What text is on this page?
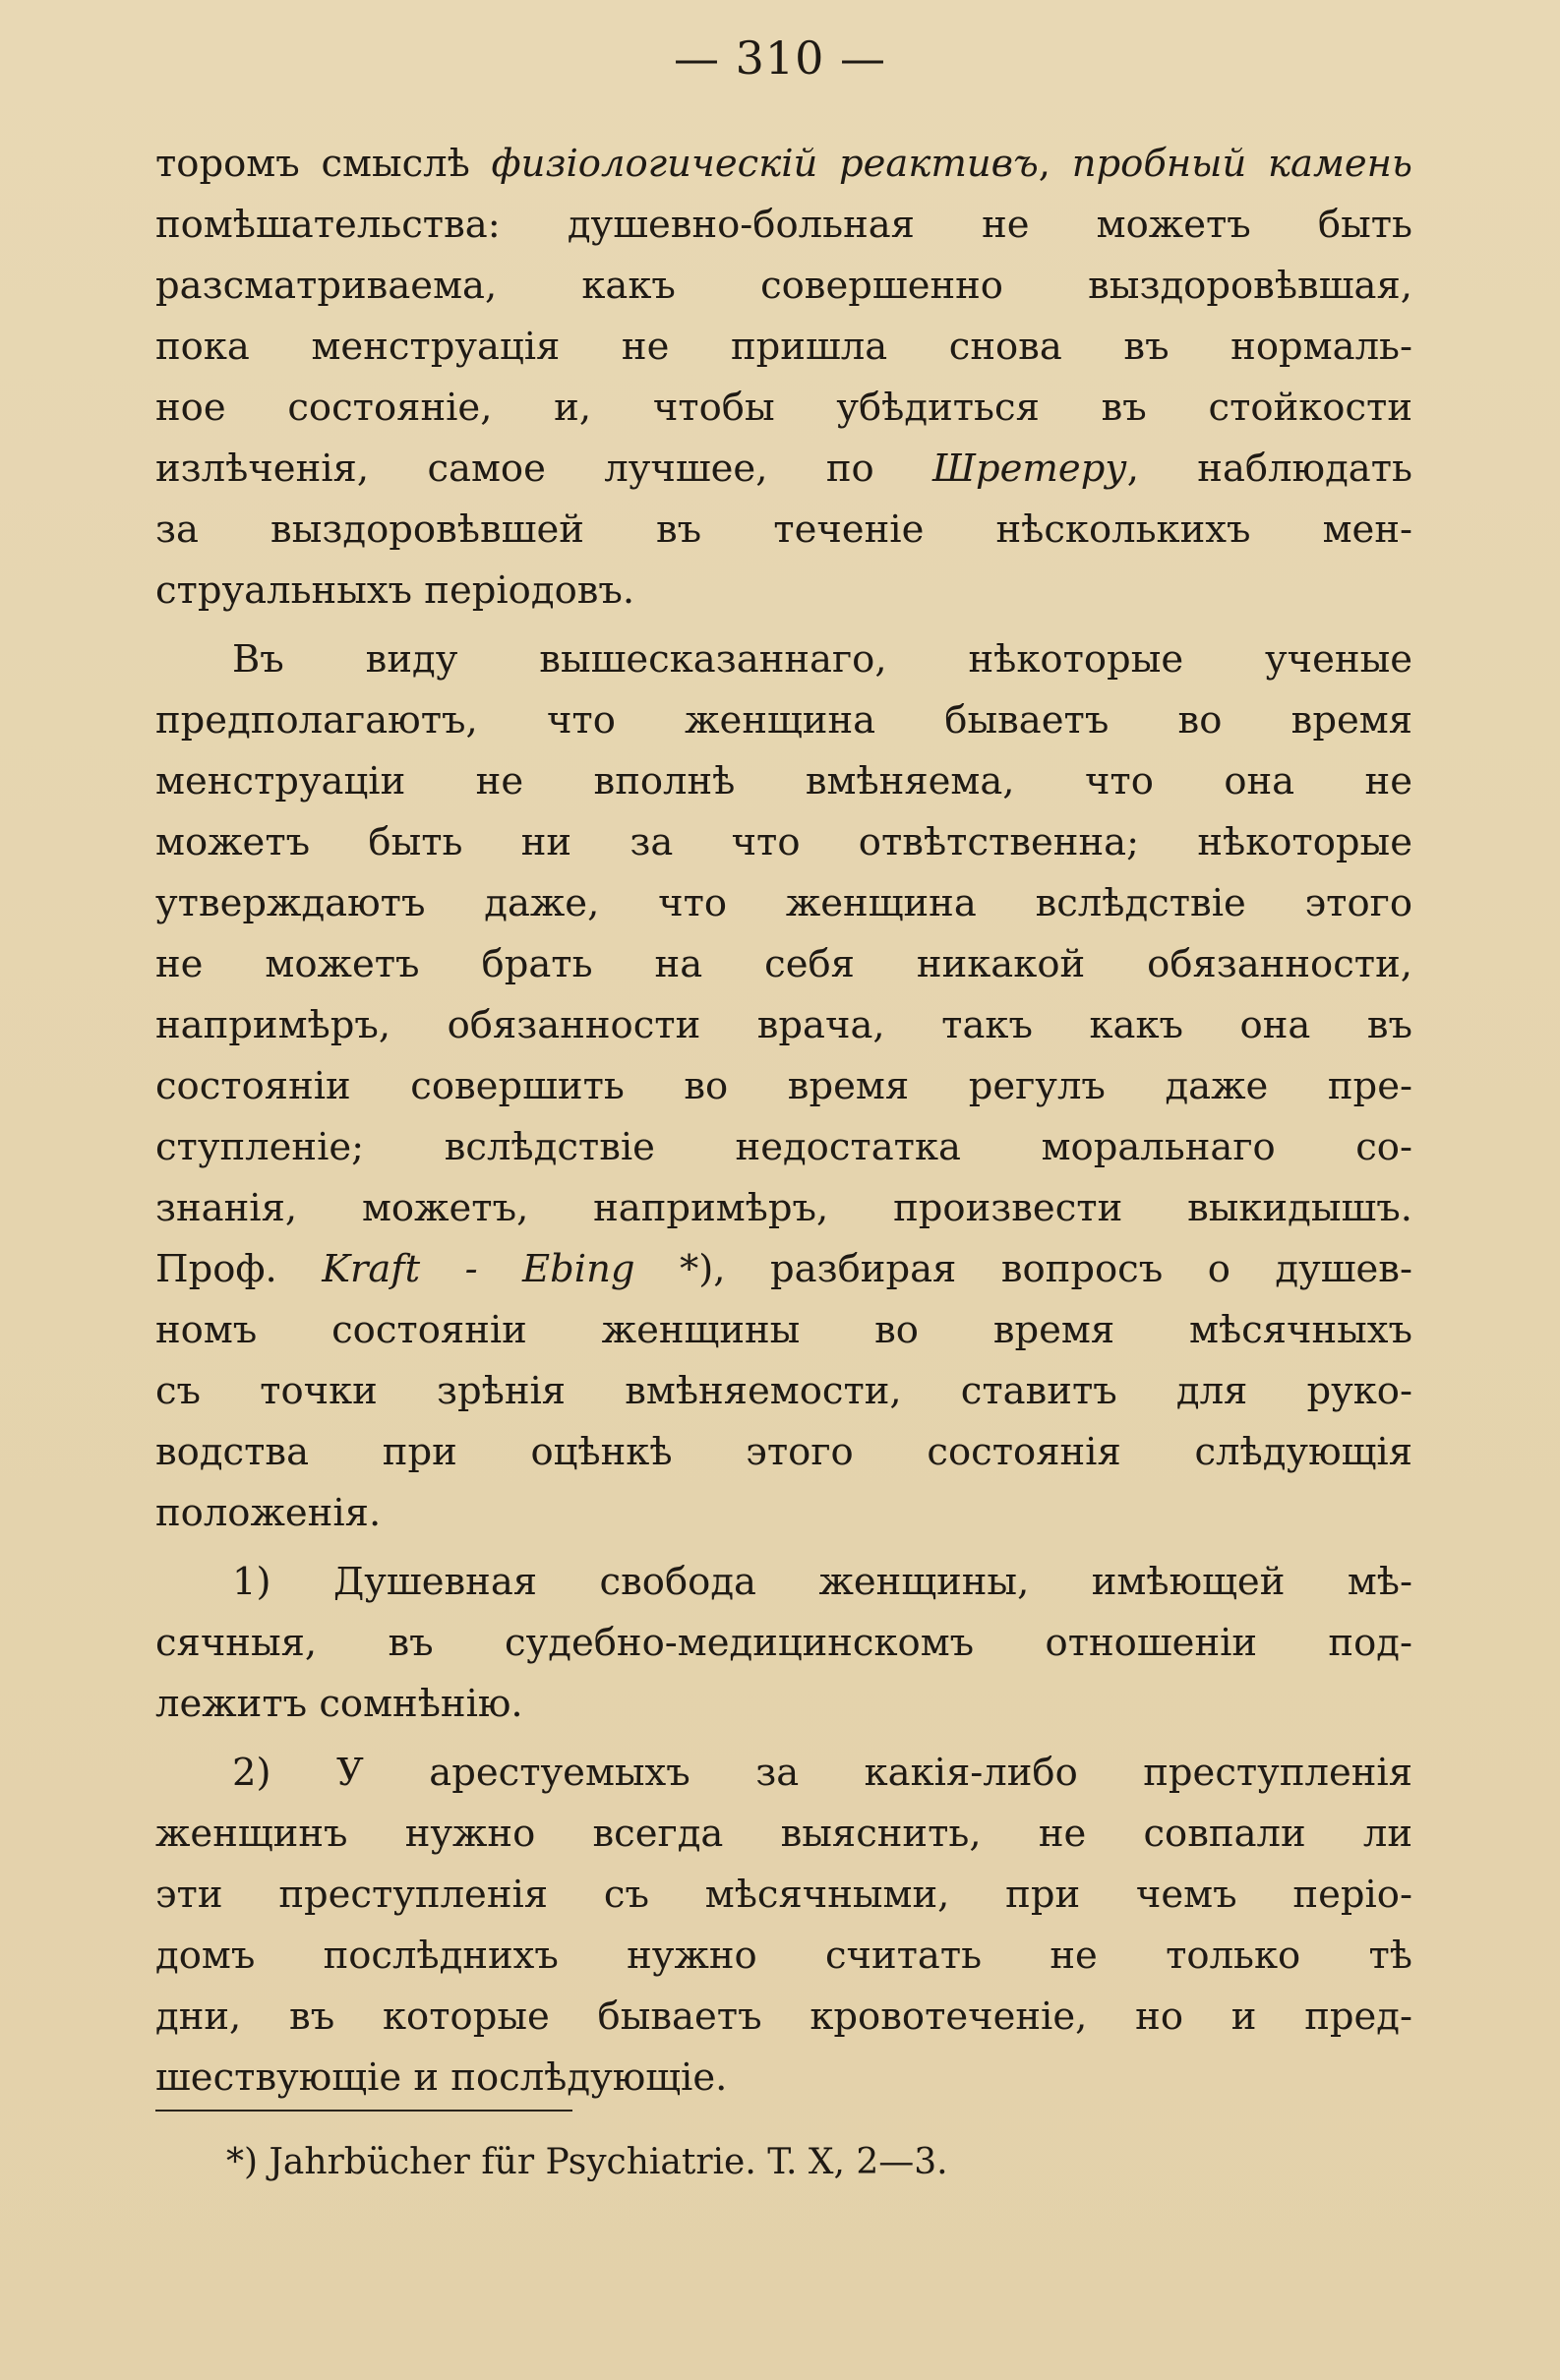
— 310 —
торомъ смыслѣ физiологическiй реактивъ, пробный камень
помѣшательства: душевно-больная не можетъ быть
разсматриваема, какъ совершенно выздоровѣвшая,
пока менструацiя не пришла снова въ нормаль-
ное состоянiе, и, чтобы убѣдиться въ стойкости
излѣченiя, самое лучшее, по Шретеру, наблюдать
за выздоровѣвшей въ теченiе нѣсколькихъ мен-
струальныхъ перiодовъ.
Въ виду вышесказаннаго, нѣкоторые ученые
предполагаютъ, что женщина бываетъ во время
менструацiи не вполнѣ вмѣняема, что она не
можетъ быть ни за что отвѣтственна; нѣкоторые
утверждаютъ даже, что женщина вслѣдствiе этого
не можетъ брать на себя никакой обязанности,
напримѣръ, обязанности врача, такъ какъ она въ
состоянiи совершить во время регулъ даже пре-
ступленiе; вслѣдствiе недостатка моральнаго со-
знанiя, можетъ, напримѣръ, произвести выкидышъ.
Проф. Kraft - Ebing *), разбирая вопросъ о душев-
номъ состоянiи женщины во время мѣсячныхъ
съ точки зрѣнiя вмѣняемости, ставитъ для руко-
водства при оцѣнкѣ этого состоянiя слѣдующiя
положенiя.
1) Душевная свобода женщины, имѣющей мѣ-
сячныя, въ судебно-медицинскомъ отношенiи под-
лежитъ сомнѣнiю.
2) У арестуемыхъ за какiя-либо преступленiя
женщинъ нужно всегда выяснить, не совпали ли
эти преступленiя съ мѣсячными, при чемъ перiо-
домъ послѣднихъ нужно считать не только тѣ
дни, въ которые бываетъ кровотеченiе, но и пред-
шествующiе и послѣдующiе.
*) Jahrbücher für Psychiatrie. T. X, 2—3.
